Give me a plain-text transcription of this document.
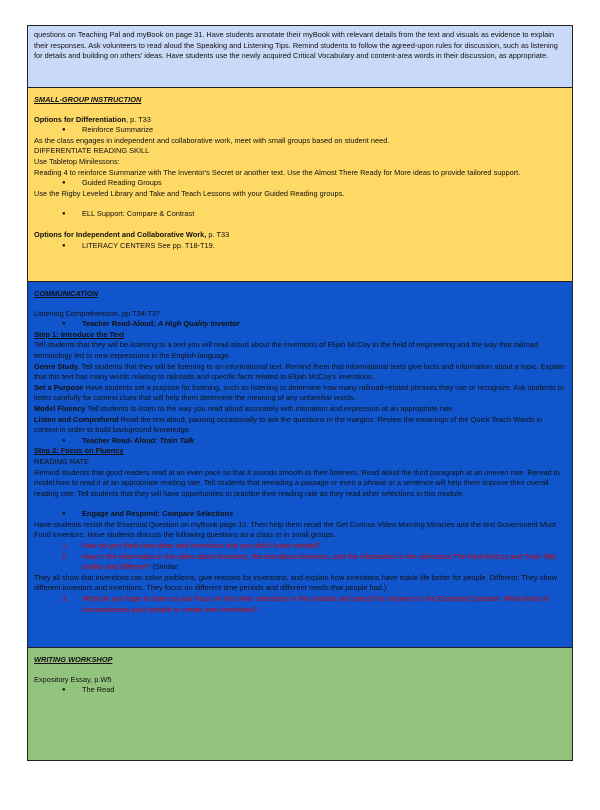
questions on Teaching Pal and myBook on page 31. Have students annotate their myBook with relevant details from the text and visuals as evidence to explain their responses. Ask volunteers to read aloud the Speaking and Listening Tips. Remind students to follow the agreed-upon rules for discussion, such as listening for details and building on others' ideas. Have students use the newly acquired Critical Vocabulary and content-area words in their discussion, as appropriate.

SMALL-GROUP INSTRUCTION

Options for Differentiation, p. T33

● Reinforce Summarize

As the class engages in independent and collaborative work, meet with small groups based on student need.

DIFFERENTIATE READING SKILL

Use Tabletop Minilessons:

Reading 4 to reinforce Summarize with The Inventor's Secret or another text. Use the Almost There Ready for More ideas to provide tailored support.

● Guided Reading Groups

Use the Rigby Leveled Library and Take and Teach Lessons with your Guided Reading groups.

● ELL Support: Compare & Contrast

Options for Independent and Collaborative Work, p. T33

● LITERACY CENTERS See pp. T18-T19.

COMMUNICATION

Listening Comprehension, pp.T34-T37

● Teacher Read-Aloud: A High Quality Inventor

Step 1: Introduce the Text

Tell students that they will be listening to a text you will read aloud about the inventions of Elijah McCoy in the field of engineering and the way that railroad terminology led to new expressions in the English language.

Genre Study. Tell students that they will be listening to an informational text. Remind them that informational texts give facts and information about a topic. Explain that this text has many words relating to railroads and specific facts related to Elijah McCoy's inventions.

Set a Purpose Have students set a purpose for listening, such as listening to determine how many railroad-related phrases they use or recognize. Ask students to listen carefully for context clues that will help them determine the meaning of any unfamiliar words.

Model Fluency Tell students to listen to the way you read aloud accurately with intonation and expression at an appropriate rate.

Listen and Comprehend Read the text aloud, pausing occasionally to ask the questions in the margins. Review the meanings of the Quick Teach Words in context in order to build background knowledge.

● Teacher Read- Aloud: Train Talk

Step 2: Focus on Fluency

READING RATE

Remind students that good readers read at an even pace so that it sounds smooth to their listeners. Read aloud the third paragraph at an uneven rate. Reread to model how to read it at an appropriate reading rate. Tell students that rereading a passage or even a phrase or a sentence will help them improve their overall reading rate. Tell students that they will have opportunities to practice their reading rate as they read other selections in this module.

● Engage and Respond: Compare Selections

Have students revisit the Essential Question on myBook page 10. Then help them recall the Get Curious Video Morning Miracles and the text Government Must Fund Inventors. Have students discuss the following questions as a class or in small groups.

1. How do you think new ideas and inventions that you didn't know existed?

2. How is the information in the video about Inventors, the text about inventors, and the information in the selections The Real McCoy and Train Talk similar and different? (Similar:

They all show that inventions can solve problems, give reasons for inventions, and explain how inventions have made life better for people. Different: They show different inventors and inventions. They focus on different time periods and different needs that people had.)

3. What do you hope to learn as you focus on the other selections in this module and search for answers to the Essential Question: What kinds of circumstances push people to create new inventions?

WRITING WORKSHOP

Expository Essay, p.W5

● The Read
